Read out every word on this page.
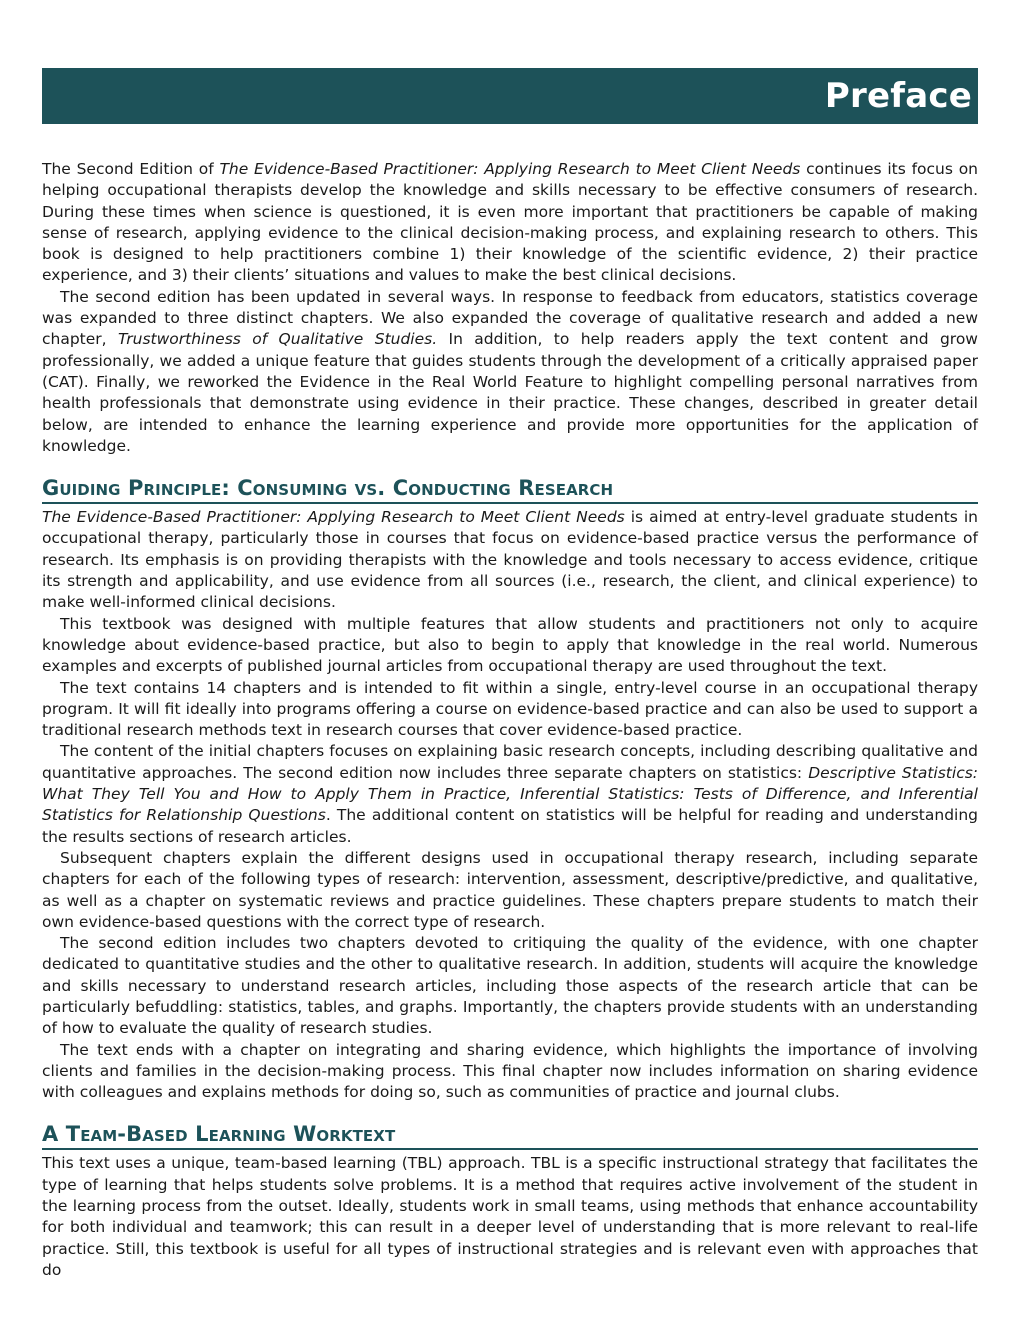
Preface

The Second Edition of The Evidence-Based Practitioner: Applying Research to Meet Client Needs continues its focus on helping occupational therapists develop the knowledge and skills necessary to be effective consumers of research. During these times when science is questioned, it is even more important that practitioners be capable of making sense of research, applying evidence to the clinical decision-making process, and explaining research to others. This book is designed to help practitioners combine 1) their knowledge of the scientific evidence, 2) their practice experience, and 3) their clients’ situations and values to make the best clinical decisions.

The second edition has been updated in several ways. In response to feedback from educators, statistics coverage was expanded to three distinct chapters. We also expanded the coverage of qualitative research and added a new chapter, Trustworthiness of Qualitative Studies. In addition, to help readers apply the text content and grow professionally, we added a unique feature that guides students through the development of a critically appraised paper (CAT). Finally, we reworked the Evidence in the Real World Feature to highlight compelling personal narratives from health professionals that demonstrate using evidence in their practice. These changes, described in greater detail below, are intended to enhance the learning experience and provide more opportunities for the application of knowledge.

Guiding Principle: Consuming vs. Conducting Research

The Evidence-Based Practitioner: Applying Research to Meet Client Needs is aimed at entry-level graduate students in occupational therapy, particularly those in courses that focus on evidence-based practice versus the performance of research. Its emphasis is on providing therapists with the knowledge and tools necessary to access evidence, critique its strength and applicability, and use evidence from all sources (i.e., research, the client, and clinical experience) to make well-informed clinical decisions.

This textbook was designed with multiple features that allow students and practitioners not only to acquire knowledge about evidence-based practice, but also to begin to apply that knowledge in the real world. Numerous examples and excerpts of published journal articles from occupational therapy are used throughout the text.

The text contains 14 chapters and is intended to fit within a single, entry-level course in an occupational therapy program. It will fit ideally into programs offering a course on evidence-based practice and can also be used to support a traditional research methods text in research courses that cover evidence-based practice.

The content of the initial chapters focuses on explaining basic research concepts, including describing qualitative and quantitative approaches. The second edition now includes three separate chapters on statistics: Descriptive Statistics: What They Tell You and How to Apply Them in Practice, Inferential Statistics: Tests of Difference, and Inferential Statistics for Relationship Questions. The additional content on statistics will be helpful for reading and understanding the results sections of research articles.

Subsequent chapters explain the different designs used in occupational therapy research, including separate chapters for each of the following types of research: intervention, assessment, descriptive/predictive, and qualitative, as well as a chapter on systematic reviews and practice guidelines. These chapters prepare students to match their own evidence-based questions with the correct type of research.

The second edition includes two chapters devoted to critiquing the quality of the evidence, with one chapter dedicated to quantitative studies and the other to qualitative research. In addition, students will acquire the knowledge and skills necessary to understand research articles, including those aspects of the research article that can be particularly befuddling: statistics, tables, and graphs. Importantly, the chapters provide students with an understanding of how to evaluate the quality of research studies.

The text ends with a chapter on integrating and sharing evidence, which highlights the importance of involving clients and families in the decision-making process. This final chapter now includes information on sharing evidence with colleagues and explains methods for doing so, such as communities of practice and journal clubs.

A Team-Based Learning Worktext

This text uses a unique, team-based learning (TBL) approach. TBL is a specific instructional strategy that facilitates the type of learning that helps students solve problems. It is a method that requires active involvement of the student in the learning process from the outset. Ideally, students work in small teams, using methods that enhance accountability for both individual and teamwork; this can result in a deeper level of understanding that is more relevant to real-life practice. Still, this textbook is useful for all types of instructional strategies and is relevant even with approaches that do
